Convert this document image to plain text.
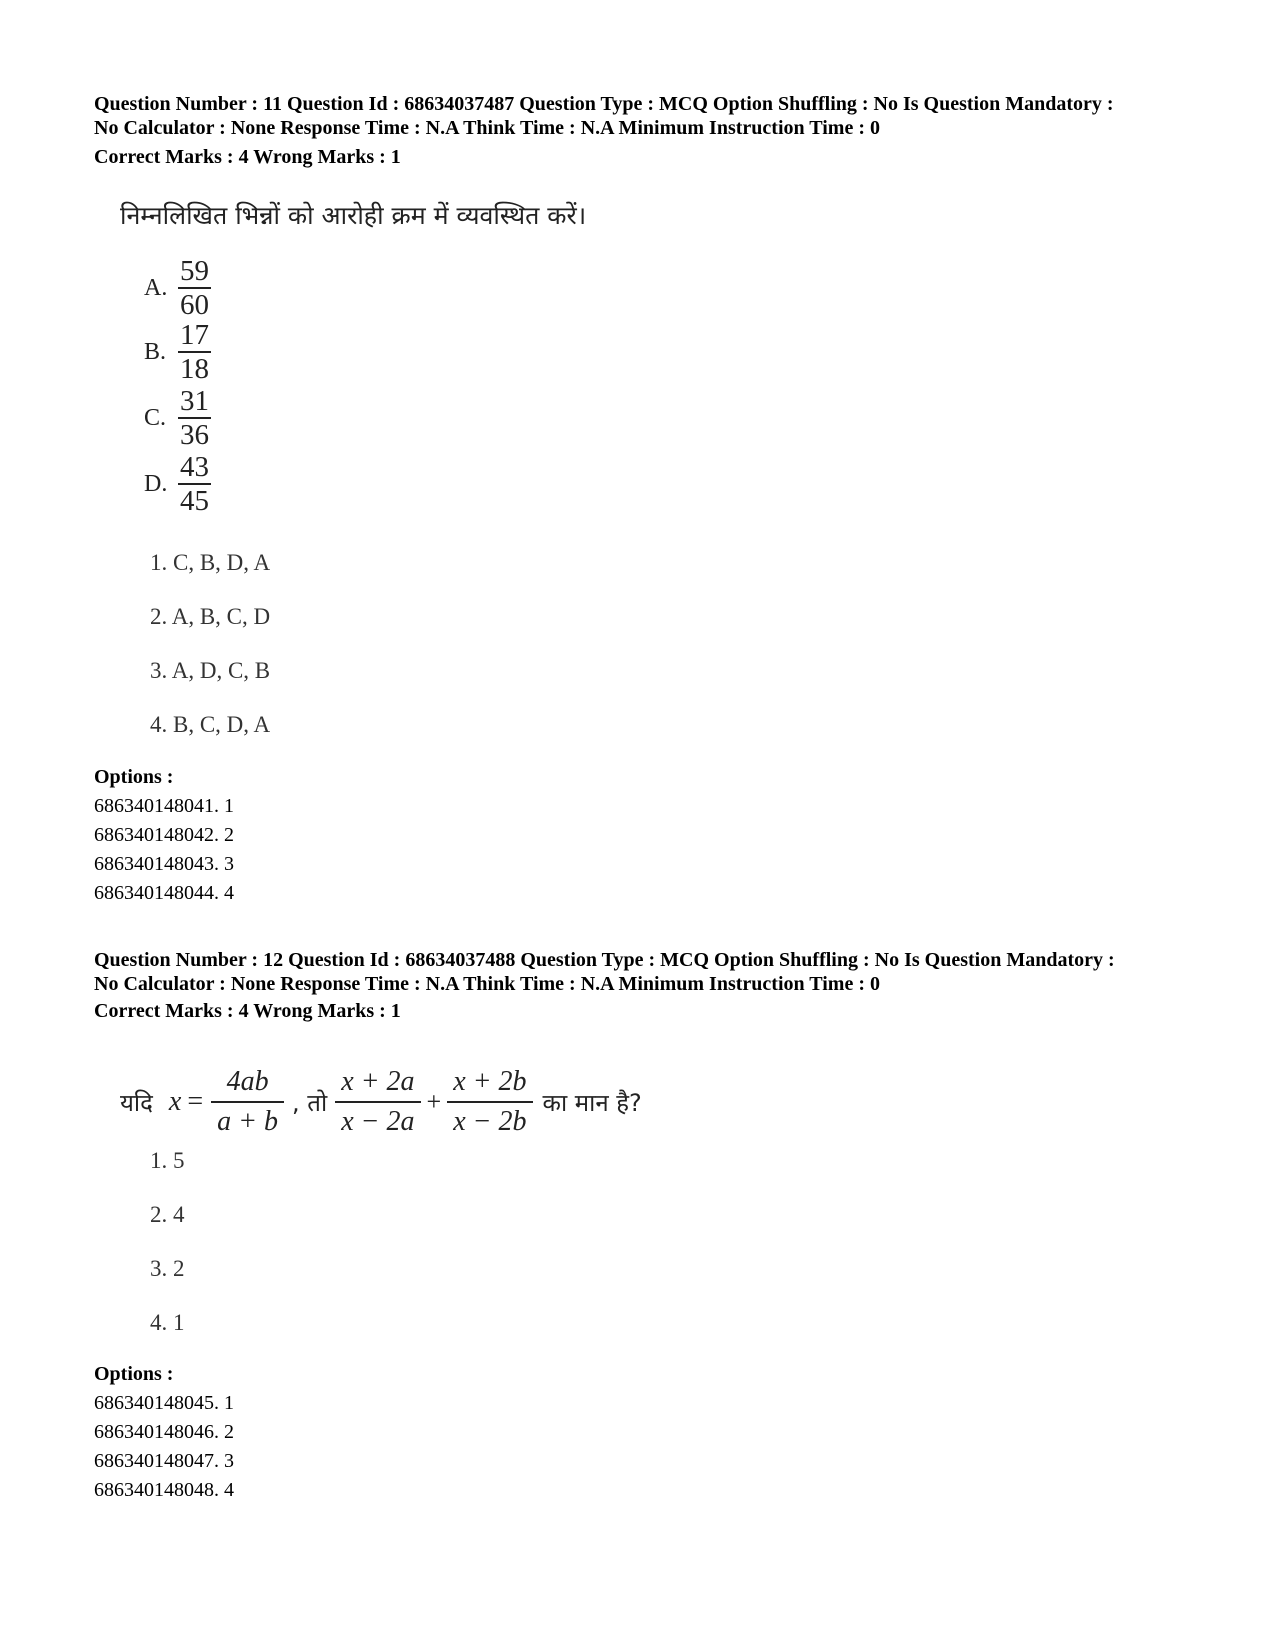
Question Number : 11 Question Id : 68634037487 Question Type : MCQ Option Shuffling : No Is Question Mandatory :
No Calculator : None Response Time : N.A Think Time : N.A Minimum Instruction Time : 0
Correct Marks : 4 Wrong Marks : 1
निम्नलिखित भिन्नों को आरोही क्रम में व्यवस्थित करें।
A. $\frac{59}{60}$
B. $\frac{17}{18}$
C. $\frac{31}{36}$
D. $\frac{43}{45}$
1. C, B, D, A
2. A, B, C, D
3. A, D, C, B
4. B, C, D, A
Options :
686340148041. 1
686340148042. 2
686340148043. 3
686340148044. 4
Question Number : 12 Question Id : 68634037488 Question Type : MCQ Option Shuffling : No Is Question Mandatory :
No Calculator : None Response Time : N.A Think Time : N.A Minimum Instruction Time : 0
Correct Marks : 4 Wrong Marks : 1
यदि $x = \frac{4ab}{a + b}$ , तो $\frac{x + 2a}{x - 2a} + \frac{x + 2b}{x - 2b}$ का मान है?
1. 5
2. 4
3. 2
4. 1
Options :
686340148045. 1
686340148046. 2
686340148047. 3
686340148048. 4
